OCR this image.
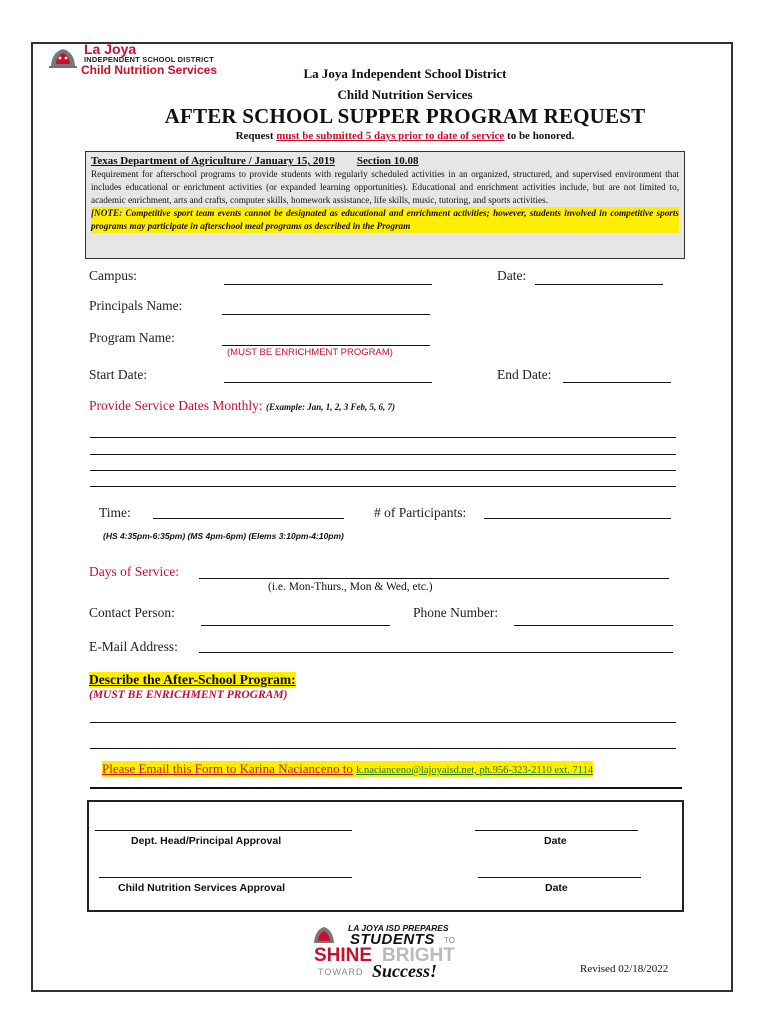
La Joya
INDEPENDENT SCHOOL DISTRICT
Child Nutrition Services	La Joya Independent School District
Child Nutrition Services
AFTER SCHOOL SUPPER PROGRAM REQUEST
Request must be submitted 5 days prior to date of service to be honored.
Texas Department of Agriculture / January 15, 2019 Section 10.08
Requirement for afterschool programs to provide students with regularly scheduled activities in an organized, structured, and supervised environment that includes educational or enrichment activities (or expanded learning opportunities). Educational and enrichment activities include, but are not limited to, academic enrichment, arts and crafts, computer skills, homework assistance, life skills, music, tutoring, and sports activities.
[NOTE: Competitive sport team events cannot be designated as educational and enrichment activities; however, students involved in competitive sports programs may participate in afterschool meal programs as described in the Program
Campus:	Date:
Principals Name:
Program Name:
(MUST BE ENRICHMENT PROGRAM)
Start Date:	End Date:
Provide Service Dates Monthly: (Example: Jan, 1, 2, 3 Feb, 5, 6, 7)
Time:	# of Participants:
(HS 4:35pm-6:35pm) (MS 4pm-6pm) (Elems 3:10pm-4:10pm)
Days of Service:
(i.e. Mon-Thurs., Mon & Wed, etc.)
Contact Person:	Phone Number:
E-Mail Address:
Describe the After-School Program:
(MUST BE ENRICHMENT PROGRAM)
Please Email this Form to Karina Nacianceno to k.nacianceno@lajoyaisd.net, ph.956-323-2110 ext. 7114
Dept. Head/Principal Approval	Date
Child Nutrition Services Approval	Date
LA JOYA ISD PREPARES
STUDENTS TO
SHINE BRIGHT
TOWARD Success!	Revised 02/18/2022
